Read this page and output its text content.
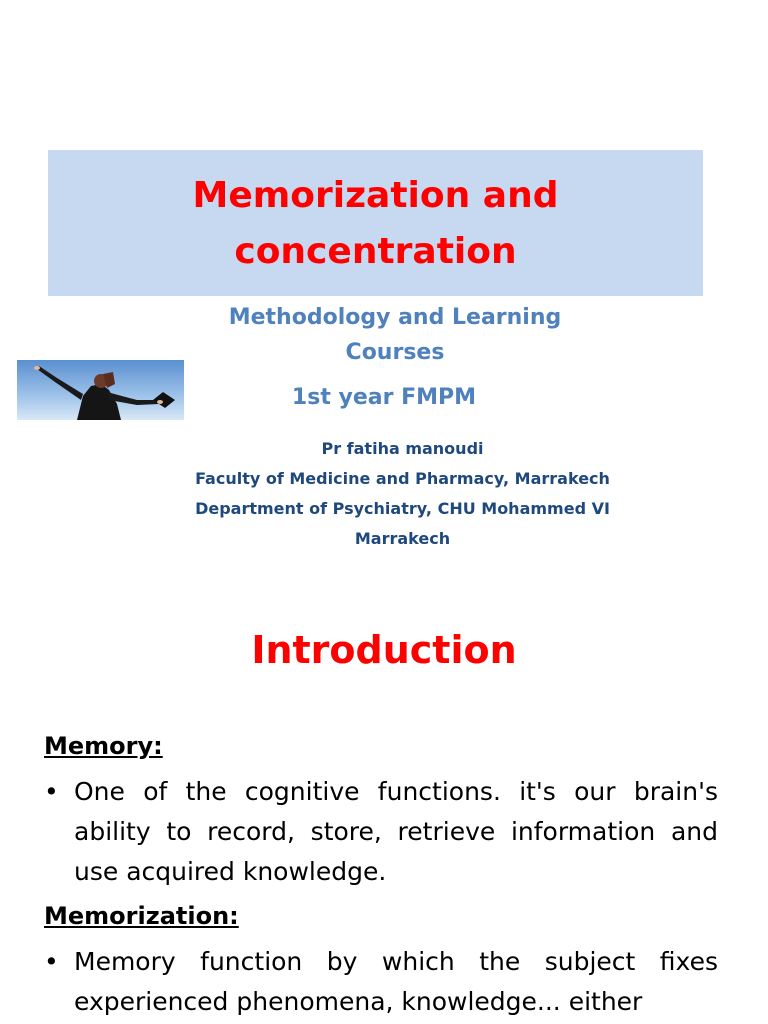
Memorization and
concentration
Methodology and Learning
Courses
1st year FMPM
Pr fatiha manoudi
Faculty of Medicine and Pharmacy, Marrakech
Department of Psychiatry, CHU Mohammed VI
Marrakech
Introduction
Memory:
• One of the cognitive functions. it's our brain's ability to record, store, retrieve information and use acquired knowledge.
Memorization:
• Memory function by which the subject fixes experienced phenomena, knowledge... either
